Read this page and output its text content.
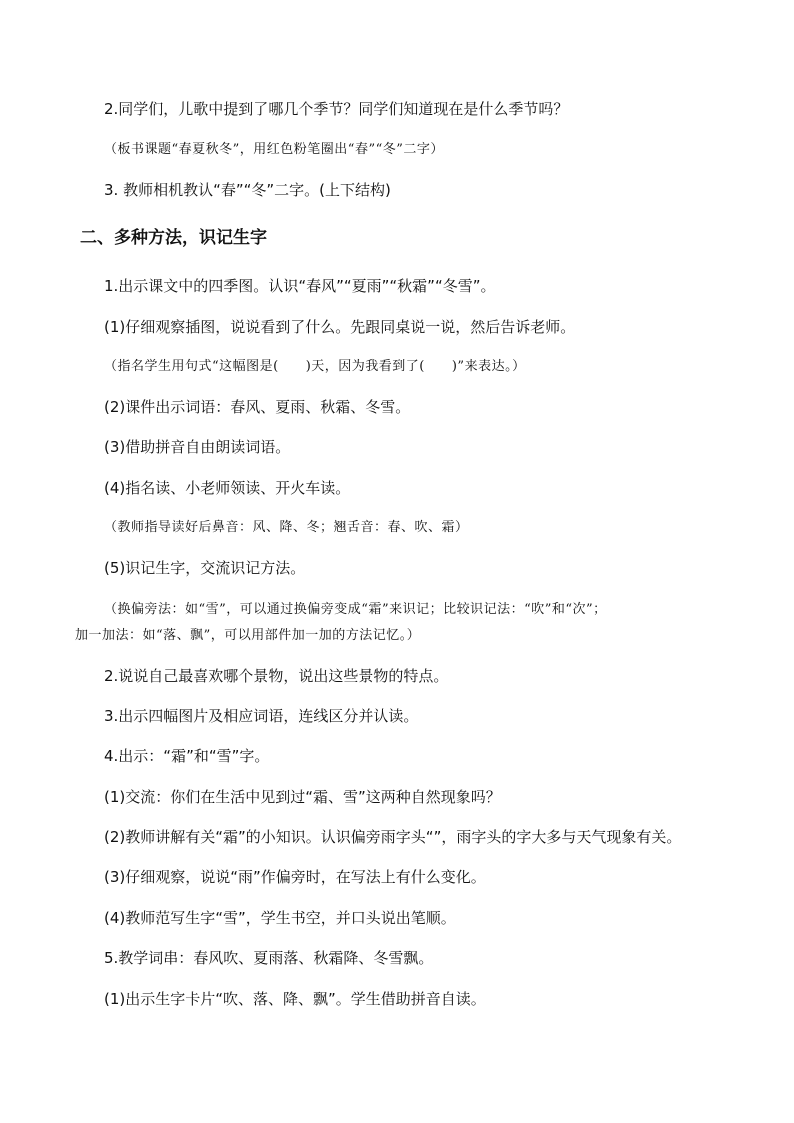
2.同学们，儿歌中提到了哪几个季节？同学们知道现在是什么季节吗？

（板书课题“春夏秋冬”，用红色粉笔圈出“春”“冬”二字）

3. 教师相机教认“春”“冬”二字。(上下结构)

二、多种方法，识记生字

1.出示课文中的四季图。认识“春风”“夏雨”“秋霜”“冬雪”。

(1)仔细观察插图，说说看到了什么。先跟同桌说一说，然后告诉老师。

（指名学生用句式“这幅图是(　　)天，因为我看到了(　　)”来表达。）

(2)课件出示词语：春风、夏雨、秋霜、冬雪。

(3)借助拼音自由朗读词语。

(4)指名读、小老师领读、开火车读。

（教师指导读好后鼻音：风、降、冬；翘舌音：春、吹、霜）

(5)识记生字，交流识记方法。

（换偏旁法：如“雪”，可以通过换偏旁变成“霜”来识记；比较识记法：“吹”和“次”；

加一加法：如“落、飘”，可以用部件加一加的方法记忆。）

2.说说自己最喜欢哪个景物，说出这些景物的特点。

3.出示四幅图片及相应词语，连线区分并认读。

4.出示：“霜”和“雪”字。

(1)交流：你们在生活中见到过“霜、雪”这两种自然现象吗？

(2)教师讲解有关“霜”的小知识。认识偏旁雨字头“”，雨字头的字大多与天气现象有关。

(3)仔细观察，说说“雨”作偏旁时，在写法上有什么变化。

(4)教师范写生字“雪”，学生书空，并口头说出笔顺。

5.教学词串：春风吹、夏雨落、秋霜降、冬雪飘。

(1)出示生字卡片“吹、落、降、飘”。学生借助拼音自读。
